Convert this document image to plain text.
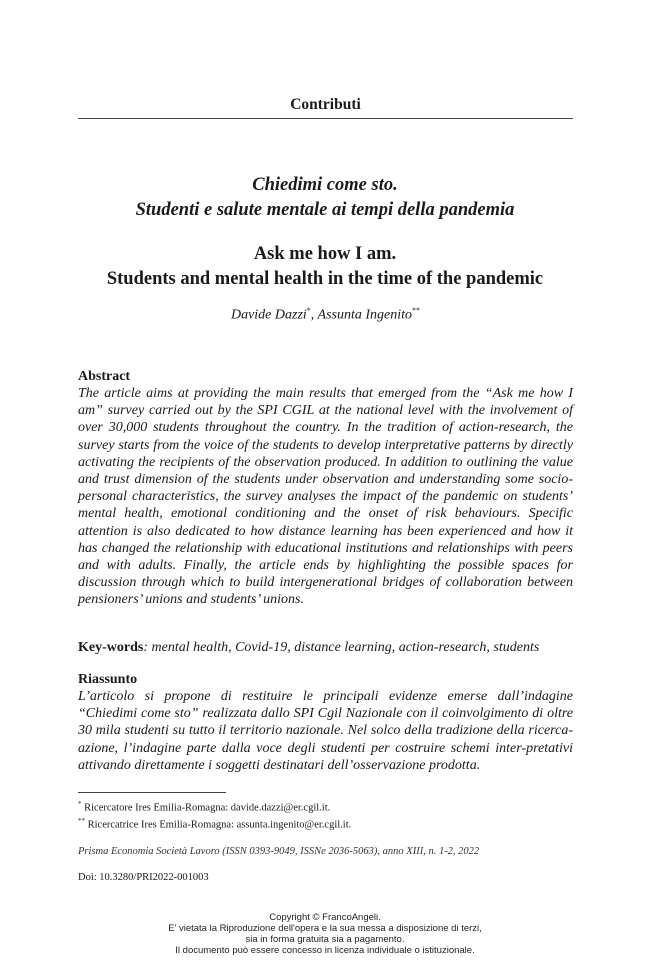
Contributi
Chiedimi come sto.
Studenti e salute mentale ai tempi della pandemia
Ask me how I am.
Students and mental health in the time of the pandemic
Davide Dazzi*, Assunta Ingenito**
Abstract
The article aims at providing the main results that emerged from the “Ask me how I am” survey carried out by the SPI CGIL at the national level with the involvement of over 30,000 students throughout the country. In the tradition of action-research, the survey starts from the voice of the students to develop interpretative patterns by directly activating the recipients of the observation produced. In addition to outlining the value and trust dimension of the students under observation and understanding some socio-personal characteristics, the survey analyses the impact of the pandemic on students’ mental health, emotional conditioning and the onset of risk behaviours. Specific attention is also dedicated to how distance learning has been experienced and how it has changed the relationship with educational institutions and relationships with peers and with adults. Finally, the article ends by highlighting the possible spaces for discussion through which to build intergenerational bridges of collaboration between pensioners’ unions and students’ unions.
Key-words: mental health, Covid-19, distance learning, action-research, students
Riassunto
L’articolo si propone di restituire le principali evidenze emerse dall’indagine “Chiedimi come sto” realizzata dallo SPI Cgil Nazionale con il coinvolgimento di oltre 30 mila studenti su tutto il territorio nazionale. Nel solco della tradizione della ricerca-azione, l’indagine parte dalla voce degli studenti per costruire schemi inter-pretativi attivando direttamente i soggetti destinatari dell’osservazione prodotta.
* Ricercatore Ires Emilia-Romagna: davide.dazzi@er.cgil.it.
** Ricercatrice Ires Emilia-Romagna: assunta.ingenito@er.cgil.it.
Prisma Economia Società Lavoro (ISSN 0393-9049, ISSNe 2036-5063), anno XIII, n. 1-2, 2022
Doi: 10.3280/PRI2022-001003
Copyright © FrancoAngeli.
E' vietata la Riproduzione dell'opera e la sua messa a disposizione di terzi,
sia in forma gratuita sia a pagamento.
Il documento può essere concesso in licenza individuale o istituzionale.
